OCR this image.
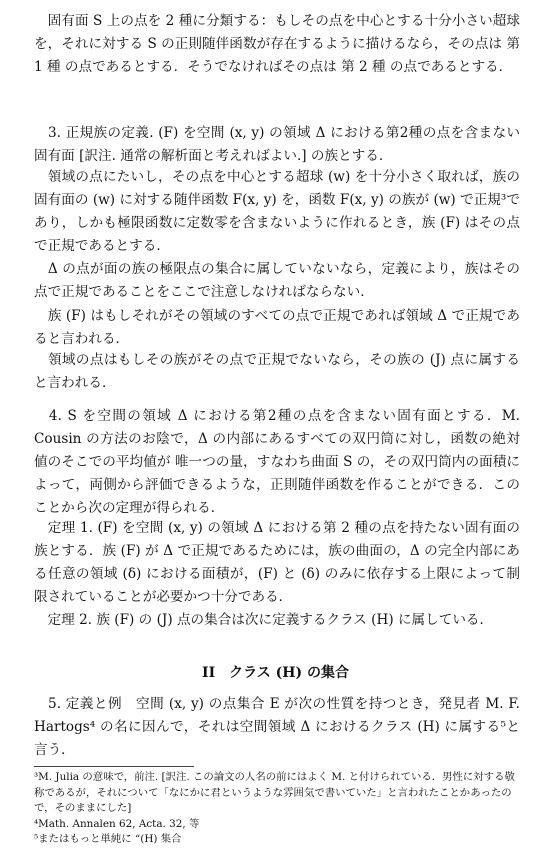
　固有面 S 上の点を 2 種に分類する：もしその点を中心とする十分小さい超球を，それに対する S の正則随伴函数が存在するように描けるなら，その点は 第 1 種 の点であるとする．そうでなければその点は 第 2 種 の点であるとする．

　3. 正規族の定義. (F) を空間 (x, y) の領域 Δ における第2種の点を含まない固有面 [訳注. 通常の解析面と考えればよい.] の族とする．

　領域の点にたいし，その点を中心とする超球 (w) を十分小さく取れば，族の固有面の (w) に対する随伴函数 F(x, y) を，函数 F(x, y) の族が (w) で正規³であり，しかも極限函数に定数零を含まないように作れるとき，族 (F) はその点で正規であるとする．

　Δ の点が面の族の極限点の集合に属していないなら，定義により，族はその点で正規であることをここで注意しなければならない．

　族 (F) はもしそれがその領域のすべての点で正規であれば領域 Δ で正規であると言われる．

　領域の点はもしその族がその点で正規でないなら，その族の (J) 点に属すると言われる．

　4. S を空間の領域 Δ における第2種の点を含まない固有面とする．M. Cousin の方法のお陰で，Δ の内部にあるすべての双円筒に対し，函数の絶対値のそこでの平均値が 唯一つの量，すなわち曲面 S の，その双円筒内の面積によって，両側から評価できるような，正則随伴函数を作ることができる．このことから次の定理が得られる．

　定理 1. (F) を空間 (x, y) の領域 Δ における第 2 種の点を持たない固有面の族とする．族 (F) が Δ で正規であるためには，族の曲面の，Δ の完全内部にある任意の領域 (δ) における面積が，(F) と (δ) のみに依存する上限によって制限されていることが必要かつ十分である．

　定理 2. 族 (F) の (J) 点の集合は次に定義するクラス (H) に属している．

II　クラス (H) の集合

　5. 定義と例　空間 (x, y) の点集合 E が次の性質を持つとき，発見者 M. F. Hartogs⁴ の名に因んで，それは空間領域 Δ におけるクラス (H) に属する⁵と言う．

³M. Julia の意味で，前注. [訳注. この論文の人名の前にはよく M. と付けられている．男性に対する敬称であるが，それについて「なにかに君というような雰囲気で書いていた」と言われたことかあったので，そのままにした]

⁴Math. Annalen 62, Acta. 32, 等

⁵またはもっと単純に “(H) 集合
